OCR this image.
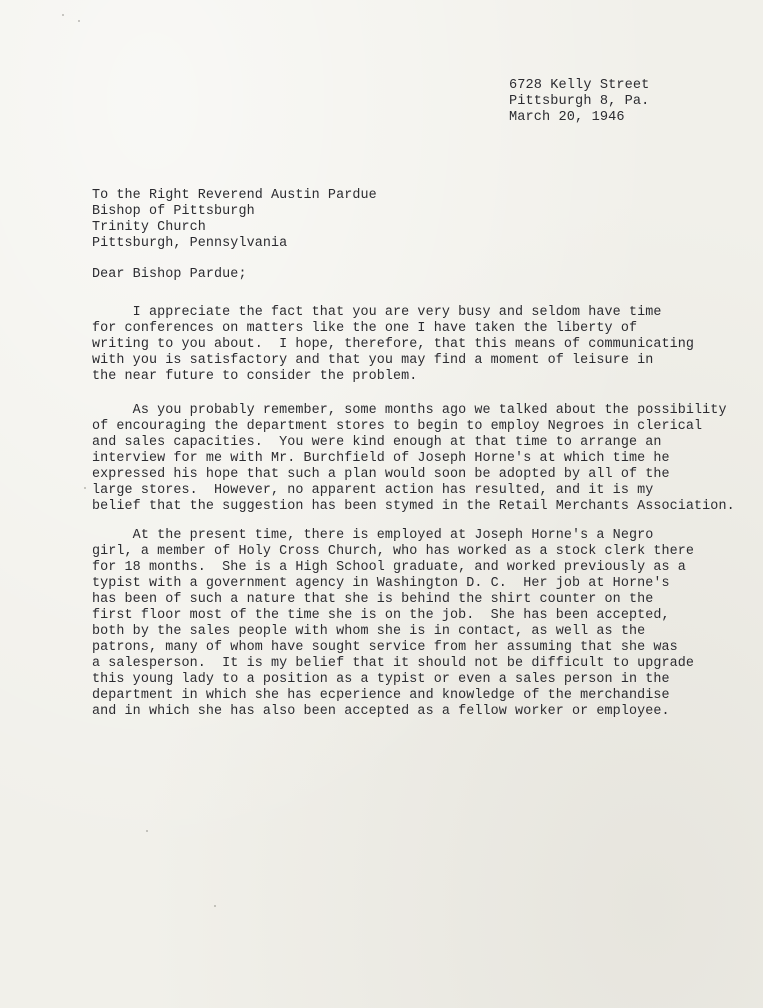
6728 Kelly Street
Pittsburgh 8, Pa.
March 20, 1946
To the Right Reverend Austin Pardue
Bishop of Pittsburgh
Trinity Church
Pittsburgh, Pennsylvania
Dear Bishop Pardue;
I appreciate the fact that you are very busy and seldom have time
for conferences on matters like the one I have taken the liberty of
writing to you about.  I hope, therefore, that this means of communicating
with you is satisfactory and that you may find a moment of leisure in
the near future to consider the problem.
As you probably remember, some months ago we talked about the possibility
of encouraging the department stores to begin to employ Negroes in clerical
and sales capacities.  You were kind enough at that time to arrange an
interview for me with Mr. Burchfield of Joseph Horne's at which time he
expressed his hope that such a plan would soon be adopted by all of the
large stores.  However, no apparent action has resulted, and it is my
belief that the suggestion has been stymed in the Retail Merchants Association.
At the present time, there is employed at Joseph Horne's a Negro
girl, a member of Holy Cross Church, who has worked as a stock clerk there
for 18 months.  She is a High School graduate, and worked previously as a
typist with a government agency in Washington D. C.  Her job at Horne's
has been of such a nature that she is behind the shirt counter on the
first floor most of the time she is on the job.  She has been accepted,
both by the sales people with whom she is in contact, as well as the
patrons, many of whom have sought service from her assuming that she was
a salesperson.  It is my belief that it should not be difficult to upgrade
this young lady to a position as a typist or even a sales person in the
department in which she has ecperience and knowledge of the merchandise
and in which she has also been accepted as a fellow worker or employee.
